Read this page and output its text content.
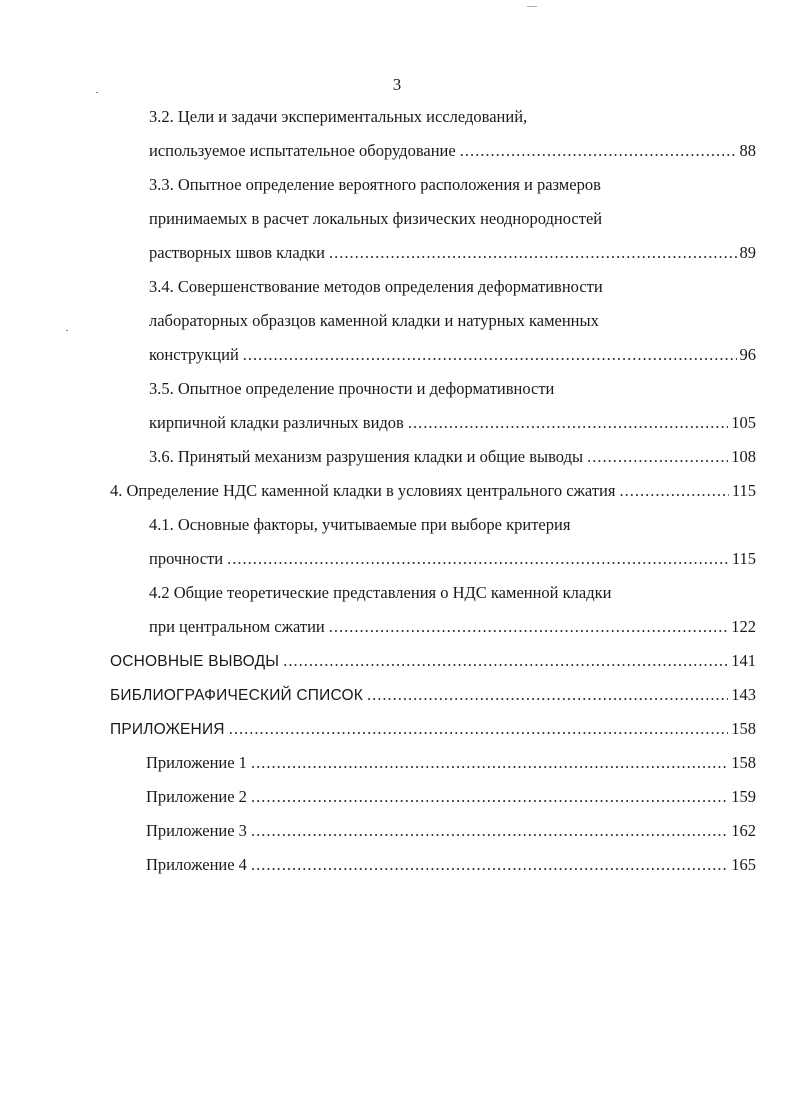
3
3.2. Цели и задачи экспериментальных исследований,
используемое испытательное оборудование .....	88
3.3. Опытное определение вероятного расположения и размеров
принимаемых в расчет локальных физических неоднородностей
растворных швов кладки .....	89
3.4. Совершенствование методов определения деформативности
лабораторных образцов каменной кладки и натурных каменных
конструкций .....	96
3.5. Опытное определение прочности и деформативности
кирпичной кладки различных видов .....	105
3.6. Принятый механизм разрушения кладки и общие выводы .....	108
4. Определение НДС каменной кладки в условиях центрального сжатия .....	115
4.1. Основные факторы, учитываемые при выборе критерия
прочности .....	115
4.2 Общие теоретические представления о НДС каменной кладки
при центральном сжатии .....	122
ОСНОВНЫЕ ВЫВОДЫ .....	141
БИБЛИОГРАФИЧЕСКИЙ СПИСОК .....	143
ПРИЛОЖЕНИЯ .....	158
Приложение 1 .....	158
Приложение 2 .....	159
Приложение 3 .....	162
Приложение 4 .....	165
